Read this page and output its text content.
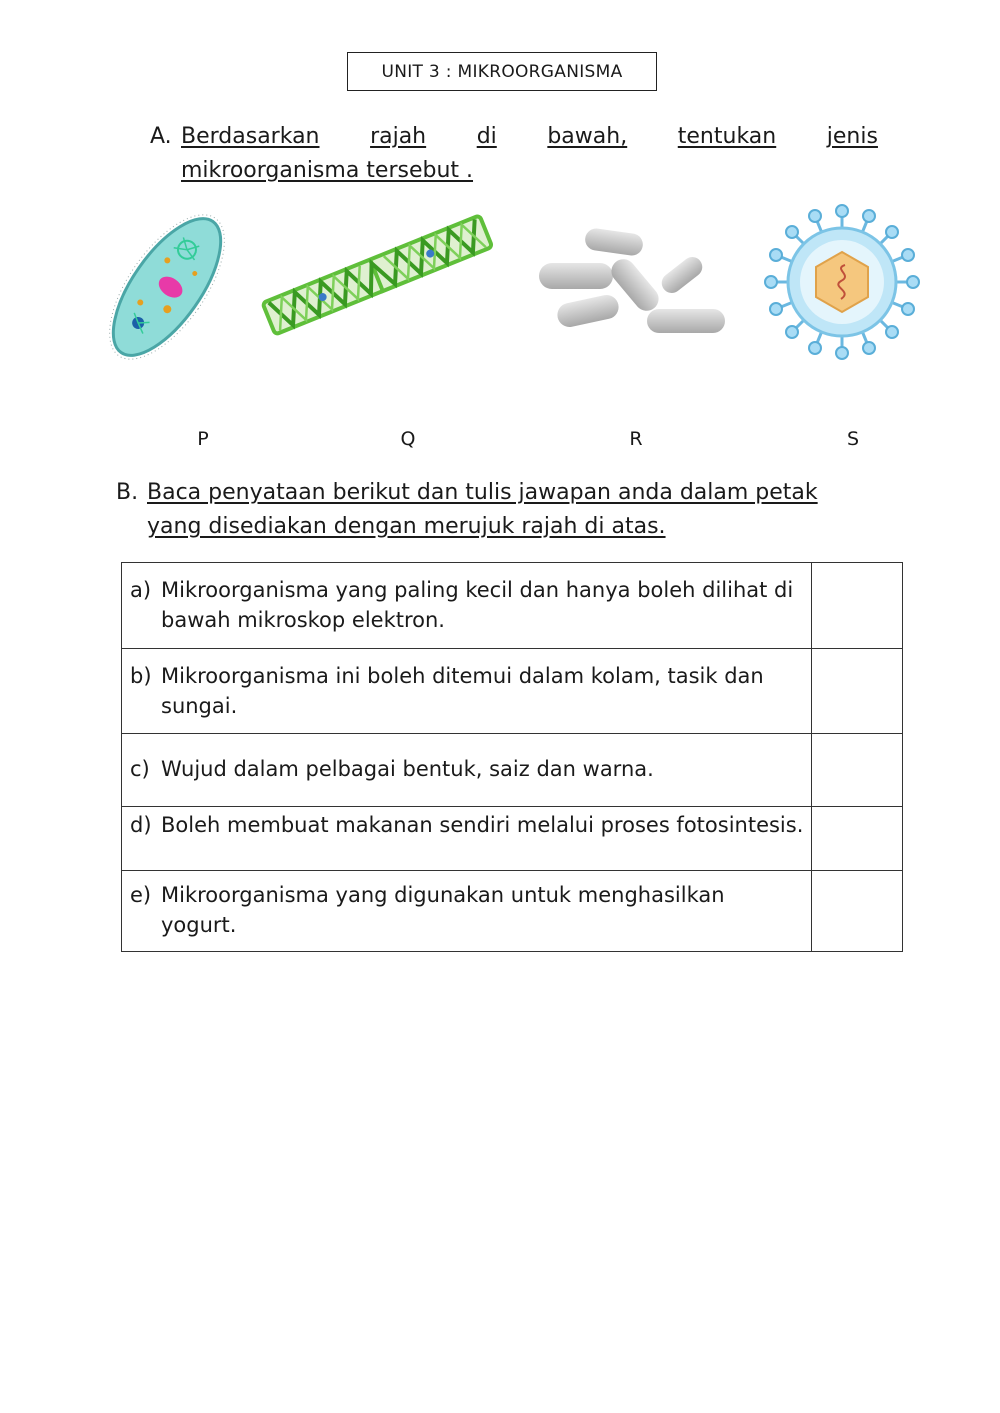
UNIT 3 : MIKROORGANISMA
A. Berdasarkan rajah di bawah, tentukan jenis
mikroorganisma tersebut .
P	Q	R	S
B. Baca penyataan berikut dan tulis jawapan anda dalam petak
yang disediakan dengan merujuk rajah di atas.
a) Mikroorganisma yang paling kecil dan hanya boleh dilihat di bawah mikroskop elektron.	

b) Mikroorganisma ini boleh ditemui dalam kolam, tasik dan sungai.	

c) Wujud dalam pelbagai bentuk, saiz dan warna.	

d) Boleh membuat makanan sendiri melalui proses fotosintesis.	

e) Mikroorganisma yang digunakan untuk menghasilkan yogurt.	
